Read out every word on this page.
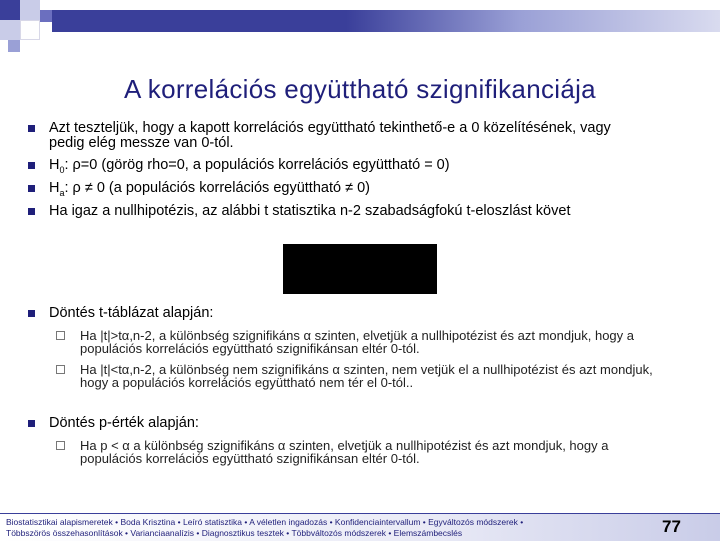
A korrelációs együttható szignifikanciája
Azt teszteljük, hogy a kapott korrelációs együttható tekinthető-e a 0 közelítésének, vagy pedig elég messze van 0-tól.
$H_0$: ρ=0 (görög rho=0, a populációs korrelációs együttható = 0)
$H_a$: ρ ≠ 0 (a populációs korrelációs együttható ≠ 0)
Ha igaz a nullhipotézis, az alábbi t statisztika n-2 szabadságfokú t-eloszlást követ
Döntés t-táblázat alapján:
Ha |t|>tα,n-2, a különbség szignifikáns α szinten, elvetjük a nullhipotézist és azt mondjuk, hogy a populációs korrelációs együttható szignifikánsan eltér 0-tól.
Ha |t|<tα,n-2, a különbség nem szignifikáns α szinten, nem vetjük el a nullhipotézist és azt mondjuk, hogy a populációs korrelációs együttható nem tér el 0-tól..
Döntés p-érték alapján:
Ha p < α a különbség szignifikáns α szinten, elvetjük a nullhipotézist és azt mondjuk, hogy a populációs korrelációs együttható szignifikánsan eltér 0-tól.
Biostatisztikai alapismeretek • Boda Krisztina • Leíró statisztika • A véletlen ingadozás • Konfidenciaintervallum • Egyváltozós módszerek •
Többszörös összehasonlítások • Varianciaanalízis • Diagnosztikus tesztek • Többváltozós módszerek • Elemszámbecslés	77
